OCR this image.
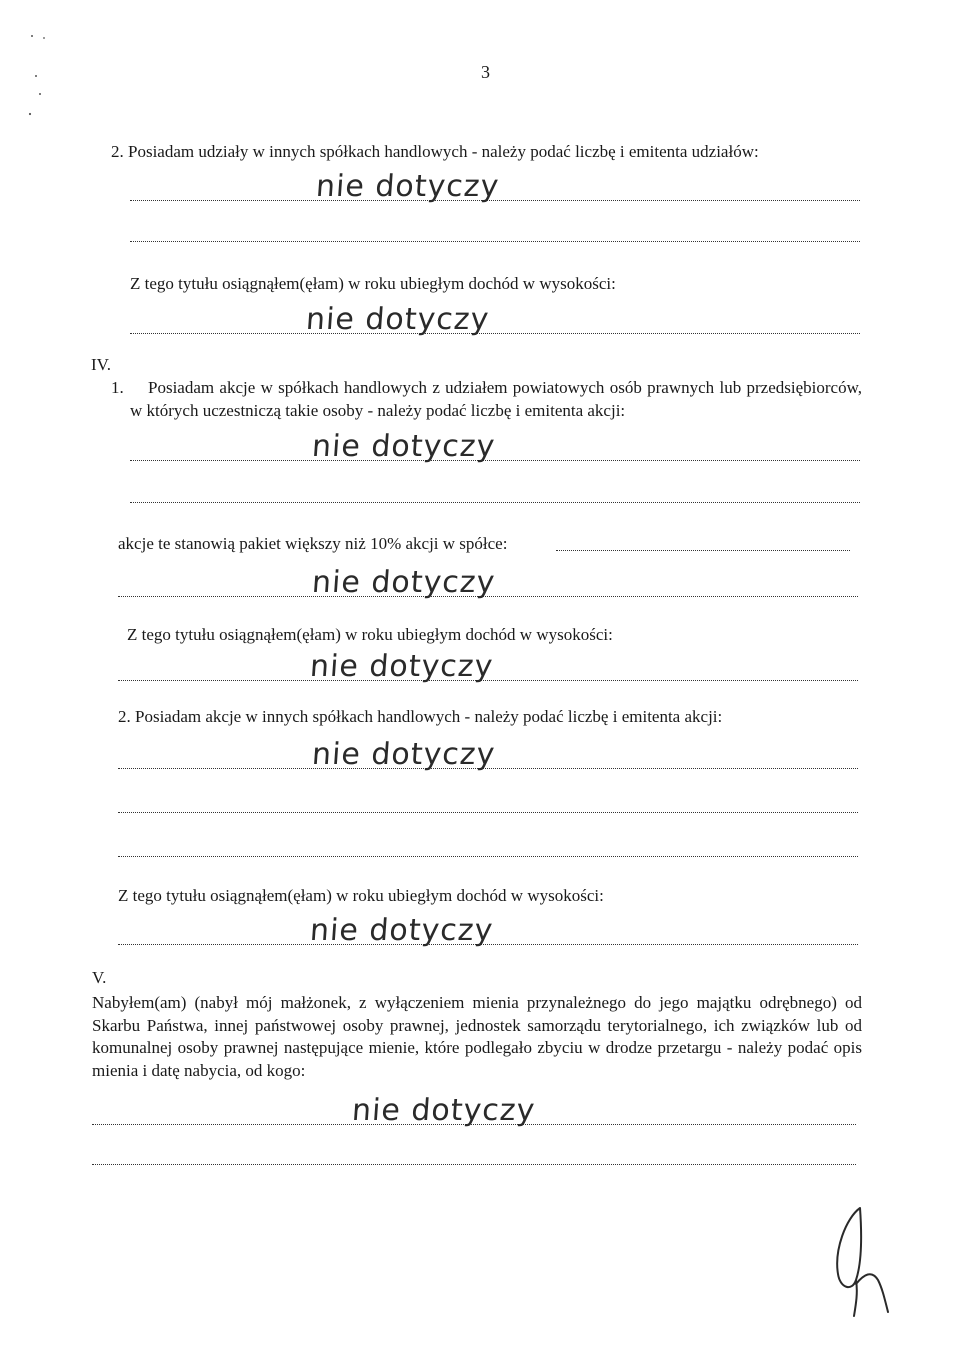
3
2. Posiadam udziały w innych spółkach handlowych - należy podać liczbę i emitenta udziałów:
nie dotyczy
Z tego tytułu osiągnąłem(ęłam) w roku ubiegłym dochód w wysokości:
nie dotyczy
IV.
1.	Posiadam akcje w spółkach handlowych z udziałem powiatowych osób prawnych lub przedsiębiorców, w których uczestniczą takie osoby - należy podać liczbę i emitenta akcji:
nie dotyczy
akcje te stanowią pakiet większy niż 10% akcji w spółce:
nie dotyczy
Z tego tytułu osiągnąłem(ęłam) w roku ubiegłym dochód w wysokości:
nie dotyczy
2. Posiadam akcje w innych spółkach handlowych - należy podać liczbę i emitenta akcji:
nie dotyczy
Z tego tytułu osiągnąłem(ęłam) w roku ubiegłym dochód w wysokości:
nie dotyczy
V.
Nabyłem(am) (nabył mój małżonek, z wyłączeniem mienia przynależnego do jego majątku odrębnego) od Skarbu Państwa, innej państwowej osoby prawnej, jednostek samorządu terytorialnego, ich związków lub od komunalnej osoby prawnej następujące mienie, które podlegało zbyciu w drodze przetargu - należy podać opis mienia i datę nabycia, od kogo:
nie dotyczy
